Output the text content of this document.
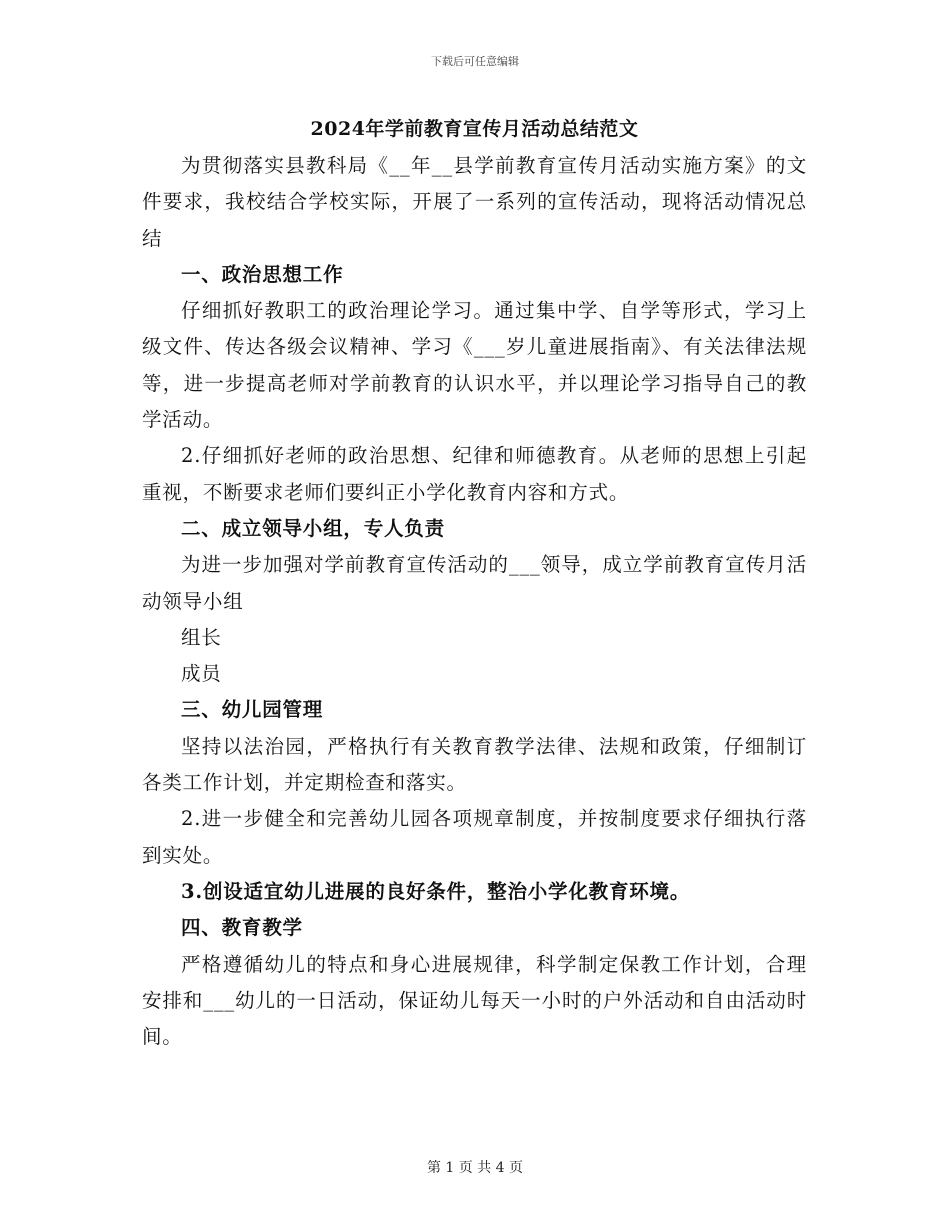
下载后可任意编辑
2024年学前教育宣传月活动总结范文
为贯彻落实县教科局《__年__县学前教育宣传月活动实施方案》的文件要求，我校结合学校实际，开展了一系列的宣传活动，现将活动情况总结
一、政治思想工作
仔细抓好教职工的政治理论学习。通过集中学、自学等形式，学习上级文件、传达各级会议精神、学习《___岁儿童进展指南》、有关法律法规等，进一步提高老师对学前教育的认识水平，并以理论学习指导自己的教学活动。
2.仔细抓好老师的政治思想、纪律和师德教育。从老师的思想上引起重视，不断要求老师们要纠正小学化教育内容和方式。
二、成立领导小组，专人负责
为进一步加强对学前教育宣传活动的___领导，成立学前教育宣传月活动领导小组
组长
成员
三、幼儿园管理
坚持以法治园，严格执行有关教育教学法律、法规和政策，仔细制订各类工作计划，并定期检查和落实。
2.进一步健全和完善幼儿园各项规章制度，并按制度要求仔细执行落到实处。
3.创设适宜幼儿进展的良好条件，整治小学化教育环境。
四、教育教学
严格遵循幼儿的特点和身心进展规律，科学制定保教工作计划，合理安排和___幼儿的一日活动，保证幼儿每天一小时的户外活动和自由活动时间。
第 1 页 共 4 页
